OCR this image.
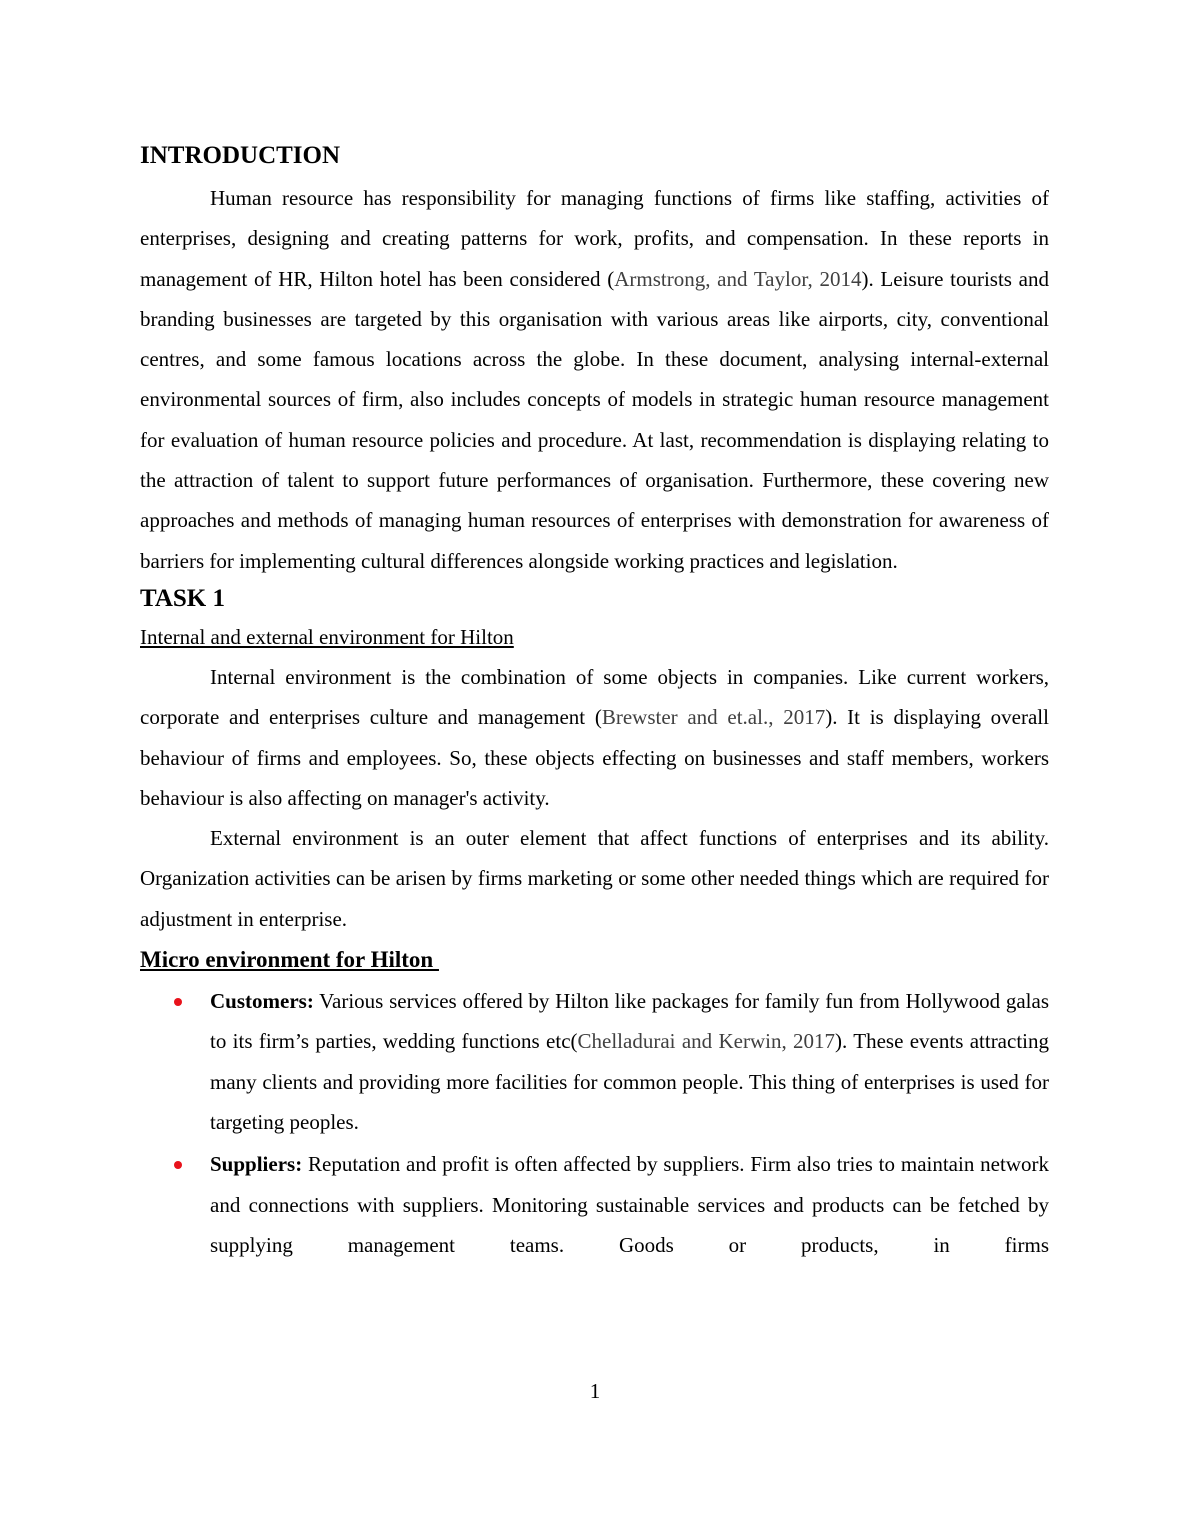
INTRODUCTION

Human resource has responsibility for managing functions of firms like staffing, activities of enterprises, designing and creating patterns for work, profits, and compensation. In these reports in management of HR, Hilton hotel has been considered (Armstrong, and Taylor, 2014). Leisure tourists and branding businesses are targeted by this organisation with various areas like airports, city, conventional centres, and some famous locations across the globe. In these document, analysing internal-external environmental sources of firm, also includes concepts of models in strategic human resource management for evaluation of human resource policies and procedure. At last, recommendation is displaying relating to the attraction of talent to support future performances of organisation. Furthermore, these covering new approaches and methods of managing human resources of enterprises with demonstration for awareness of barriers for implementing cultural differences alongside working practices and legislation.

TASK 1

Internal and external environment for Hilton

Internal environment is the combination of some objects in companies. Like current workers, corporate and enterprises culture and management (Brewster and et.al., 2017). It is displaying overall behaviour of firms and employees. So, these objects effecting on businesses and staff members, workers behaviour is also affecting on manager's activity.

External environment is an outer element that affect functions of enterprises and its ability. Organization activities can be arisen by firms marketing or some other needed things which are required for adjustment in enterprise.

Micro environment for Hilton

Customers: Various services offered by Hilton like packages for family fun from Hollywood galas to its firm’s parties, wedding functions etc(Chelladurai and Kerwin, 2017). These events attracting many clients and providing more facilities for common people. This thing of enterprises is used for targeting peoples.

Suppliers: Reputation and profit is often affected by suppliers. Firm also tries to maintain network and connections with suppliers. Monitoring sustainable services and products can be fetched by supplying management teams. Goods or products, in firms

1
